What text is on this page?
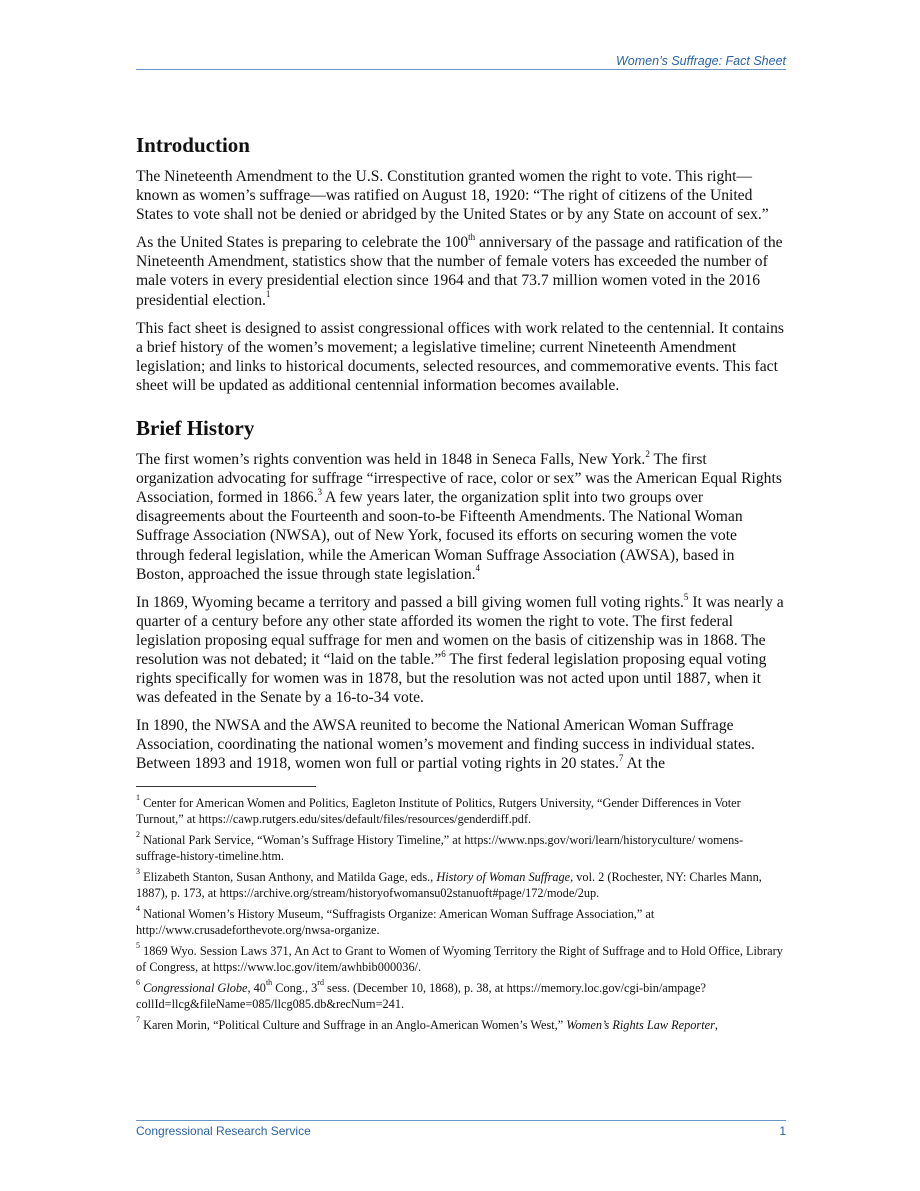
Women’s Suffrage: Fact Sheet
Introduction

The Nineteenth Amendment to the U.S. Constitution granted women the right to vote. This right—known as women’s suffrage—was ratified on August 18, 1920: “The right of citizens of the United States to vote shall not be denied or abridged by the United States or by any State on account of sex.”

As the United States is preparing to celebrate the 100th anniversary of the passage and ratification of the Nineteenth Amendment, statistics show that the number of female voters has exceeded the number of male voters in every presidential election since 1964 and that 73.7 million women voted in the 2016 presidential election.$^1$

This fact sheet is designed to assist congressional offices with work related to the centennial. It contains a brief history of the women’s movement; a legislative timeline; current Nineteenth Amendment legislation; and links to historical documents, selected resources, and commemorative events. This fact sheet will be updated as additional centennial information becomes available.

Brief History

The first women’s rights convention was held in 1848 in Seneca Falls, New York.$^2$ The first organization advocating for suffrage “irrespective of race, color or sex” was the American Equal Rights Association, formed in 1866.$^3$ A few years later, the organization split into two groups over disagreements about the Fourteenth and soon-to-be Fifteenth Amendments. The National Woman Suffrage Association (NWSA), out of New York, focused its efforts on securing women the vote through federal legislation, while the American Woman Suffrage Association (AWSA), based in Boston, approached the issue through state legislation.$^4$

In 1869, Wyoming became a territory and passed a bill giving women full voting rights.$^5$ It was nearly a quarter of a century before any other state afforded its women the right to vote. The first federal legislation proposing equal suffrage for men and women on the basis of citizenship was in 1868. The resolution was not debated; it “laid on the table.”$^6$ The first federal legislation proposing equal voting rights specifically for women was in 1878, but the resolution was not acted upon until 1887, when it was defeated in the Senate by a 16-to-34 vote.

In 1890, the NWSA and the AWSA reunited to become the National American Woman Suffrage Association, coordinating the national women’s movement and finding success in individual states. Between 1893 and 1918, women won full or partial voting rights in 20 states.$^7$ At the

$^1$ Center for American Women and Politics, Eagleton Institute of Politics, Rutgers University, “Gender Differences in Voter Turnout,” at https://cawp.rutgers.edu/sites/default/files/resources/genderdiff.pdf.

$^2$ National Park Service, “Woman’s Suffrage History Timeline,” at https://www.nps.gov/wori/learn/historyculture/ womens-suffrage-history-timeline.htm.

$^3$ Elizabeth Stanton, Susan Anthony, and Matilda Gage, eds., History of Woman Suffrage, vol. 2 (Rochester, NY: Charles Mann, 1887), p. 173, at https://archive.org/stream/historyofwomansu02stanuoft#page/172/mode/2up.

$^4$ National Women’s History Museum, “Suffragists Organize: American Woman Suffrage Association,” at http://www.crusadeforthevote.org/nwsa-organize.

$^5$ 1869 Wyo. Session Laws 371, An Act to Grant to Women of Wyoming Territory the Right of Suffrage and to Hold Office, Library of Congress, at https://www.loc.gov/item/awhbib000036/.

$^6$ Congressional Globe, 40th Cong., 3rd sess. (December 10, 1868), p. 38, at https://memory.loc.gov/cgi-bin/ampage? collId=llcg&fileName=085/llcg085.db&recNum=241.

$^7$ Karen Morin, “Political Culture and Suffrage in an Anglo-American Women’s West,” Women’s Rights Law Reporter,

Congressional Research Service	1
